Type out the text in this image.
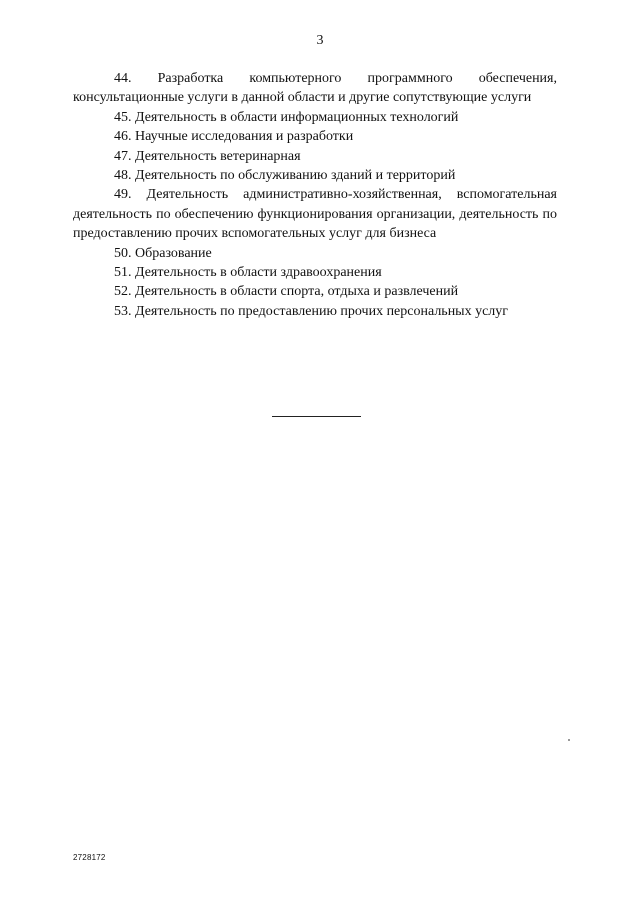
3

44. Разработка компьютерного программного обеспечения, консультационные услуги в данной области и другие сопутствующие услуги

45. Деятельность в области информационных технологий

46. Научные исследования и разработки

47. Деятельность ветеринарная

48. Деятельность по обслуживанию зданий и территорий

49. Деятельность административно-хозяйственная, вспомогательная деятельность по обеспечению функционирования организации, деятельность по предоставлению прочих вспомогательных услуг для бизнеса

50. Образование

51. Деятельность в области здравоохранения

52. Деятельность в области спорта, отдыха и развлечений

53. Деятельность по предоставлению прочих персональных услуг

2728172
